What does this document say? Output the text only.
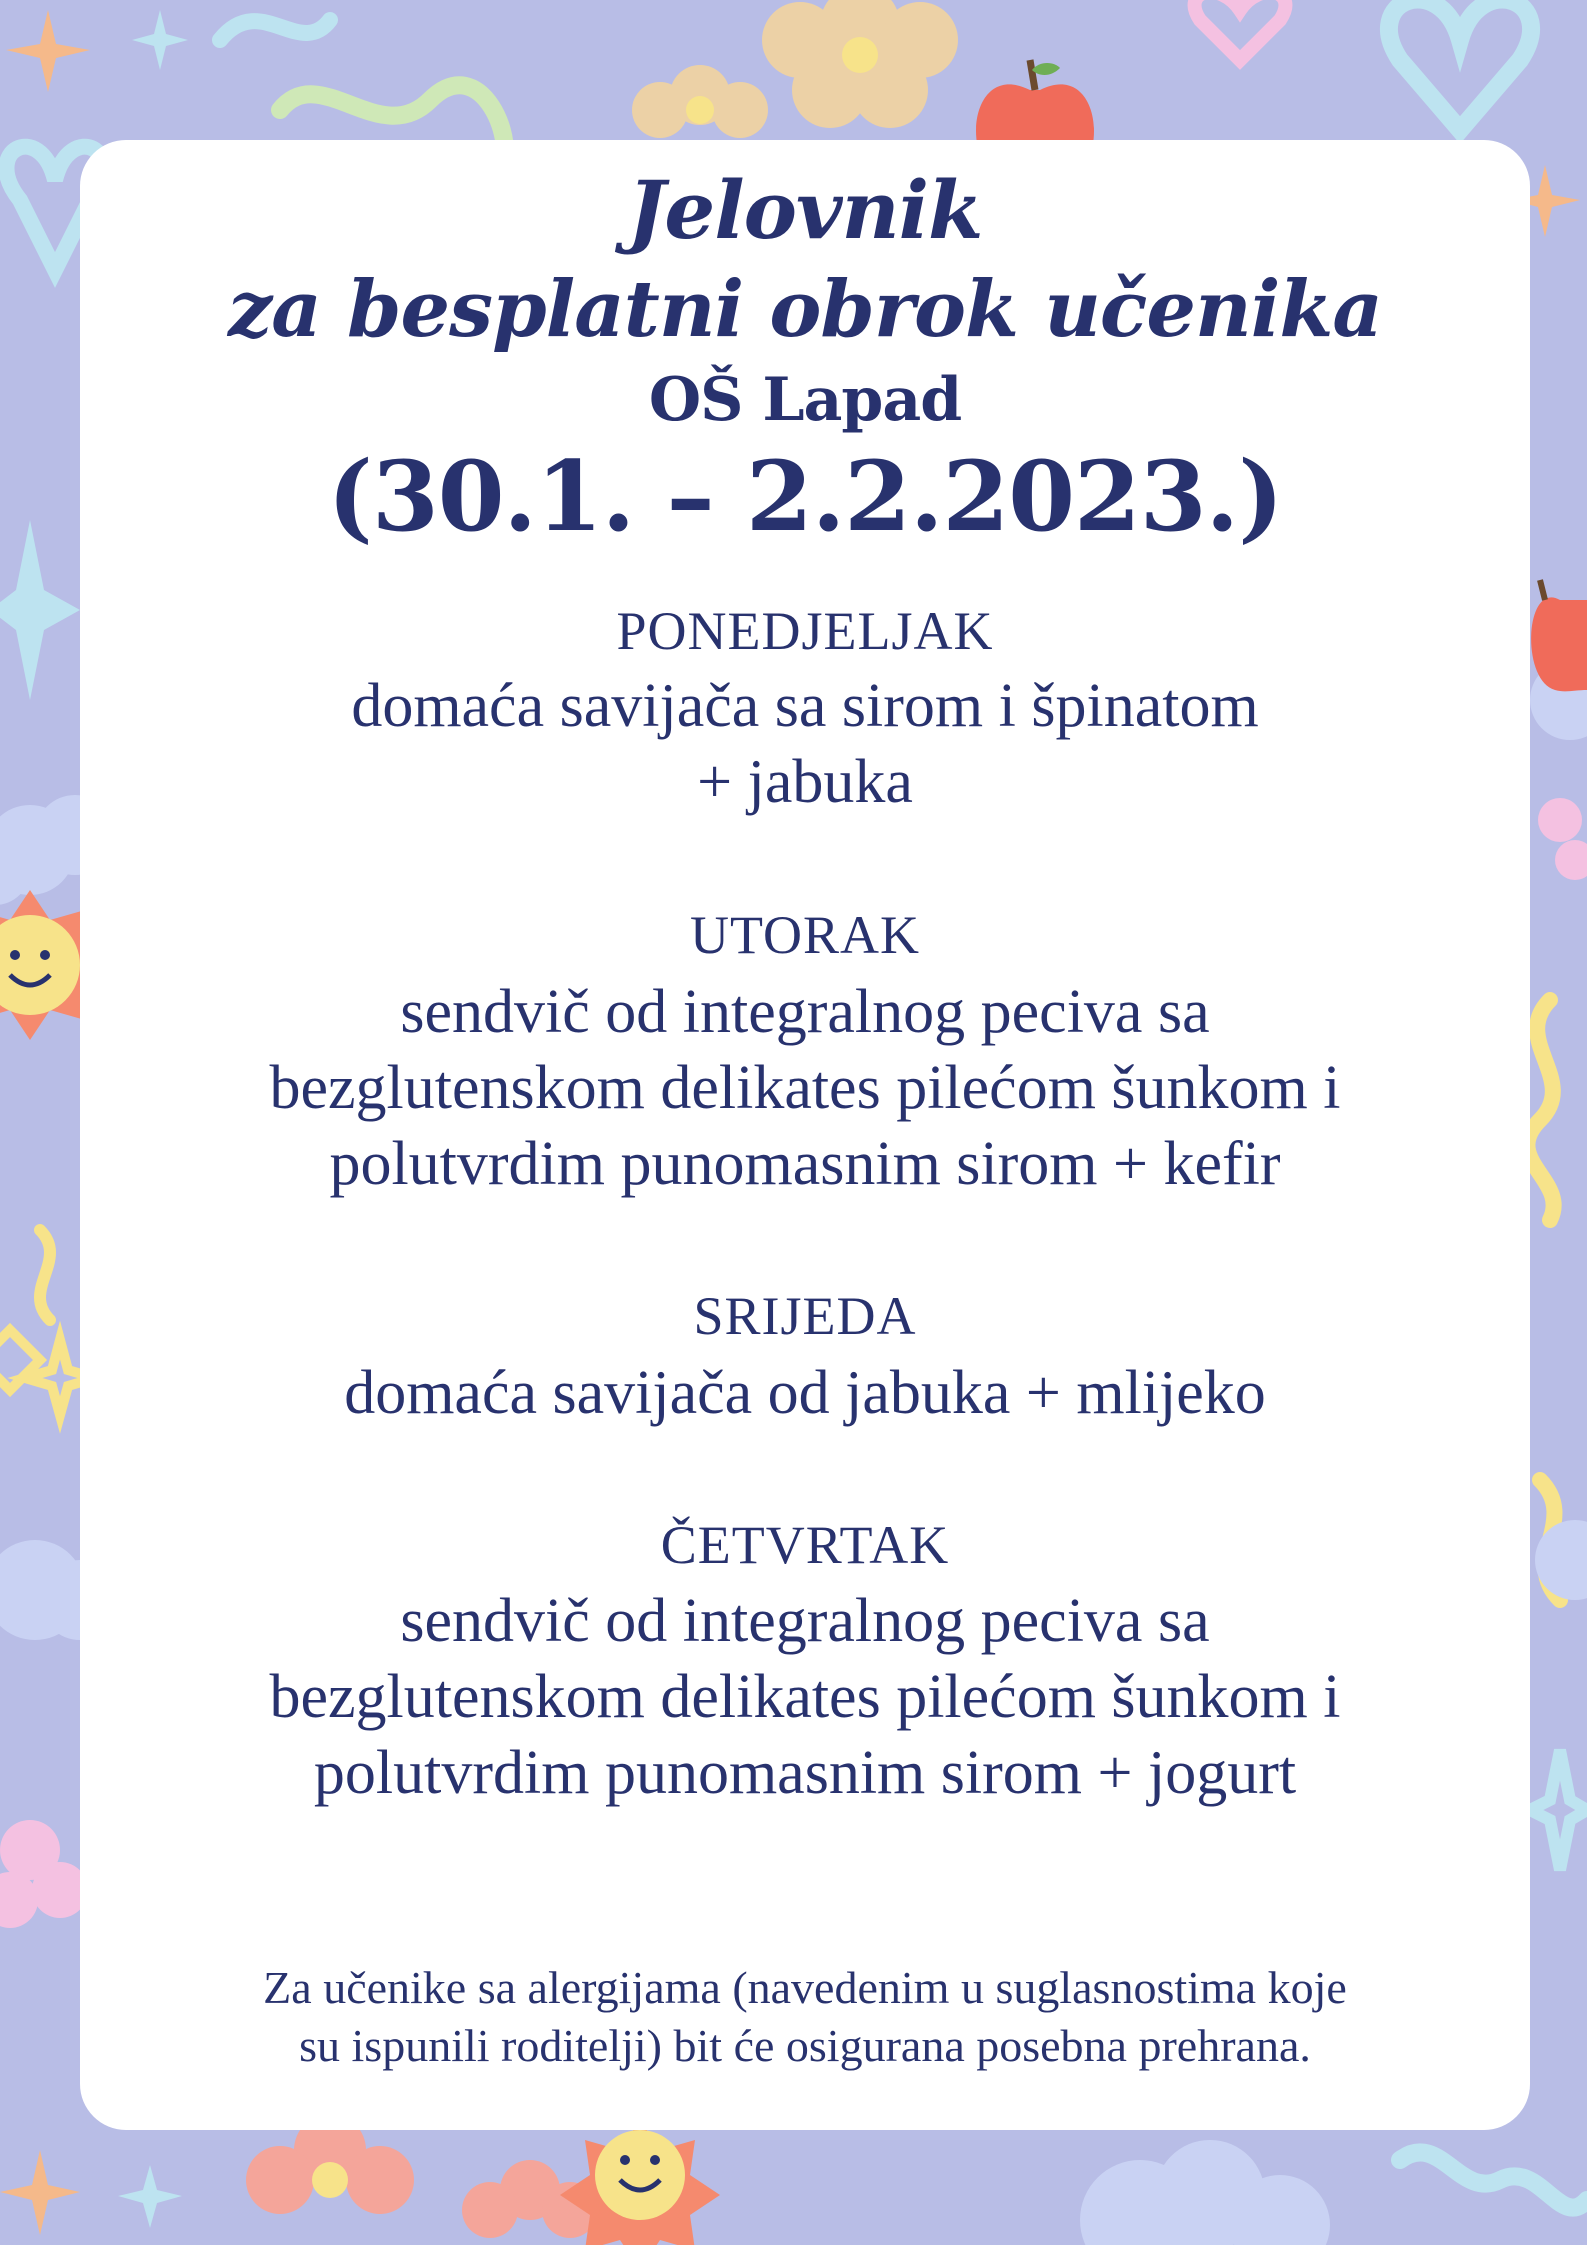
Jelovnik
za besplatni obrok učenika
OŠ Lapad
(30.1. – 2.2.2023.)
PONEDJELJAK
domaća savijača sa sirom i špinatom
+ jabuka
UTORAK
sendvič od integralnog peciva sa
bezglutenskom delikates pilećom šunkom i
polutvrdim punomasnim sirom + kefir
SRIJEDA
domaća savijača od jabuka + mlijeko
ČETVRTAK
sendvič od integralnog peciva sa
bezglutenskom delikates pilećom šunkom i
polutvrdim punomasnim sirom + jogurt
Za učenike sa alergijama (navedenim u suglasnostima koje
su ispunili roditelji) bit će osigurana posebna prehrana.
